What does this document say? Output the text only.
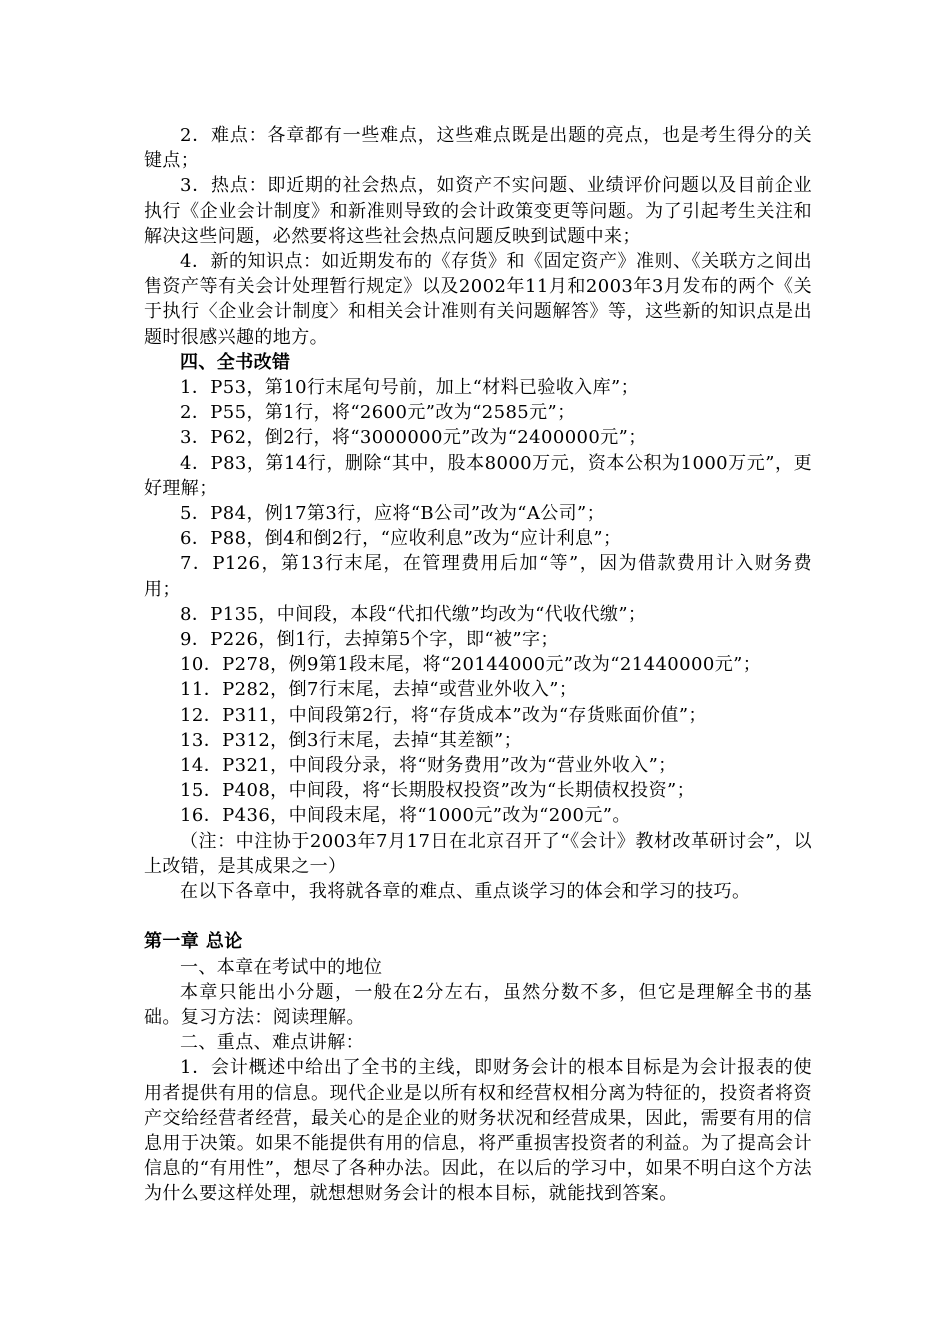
2．难点：各章都有一些难点，这些难点既是出题的亮点，也是考生得分的关键点；

3．热点：即近期的社会热点，如资产不实问题、业绩评价问题以及目前企业执行《企业会计制度》和新准则导致的会计政策变更等问题。为了引起考生关注和解决这些问题，必然要将这些社会热点问题反映到试题中来；

4．新的知识点：如近期发布的《存货》和《固定资产》准则、《关联方之间出售资产等有关会计处理暂行规定》以及2002年11月和2003年3月发布的两个《关于执行〈企业会计制度〉和相关会计准则有关问题解答》等，这些新的知识点是出题时很感兴趣的地方。

四、全书改错

1．P53，第10行末尾句号前，加上“材料已验收入库”；

2．P55，第1行，将“2600元”改为“2585元”；

3．P62，倒2行，将“3000000元”改为“2400000元”；

4．P83，第14行，删除“其中，股本8000万元，资本公积为1000万元”，更好理解；

5．P84，例17第3行，应将“B公司”改为“A公司”；

6．P88，倒4和倒2行，“应收利息”改为“应计利息”；

7．P126，第13行末尾，在管理费用后加“等”，因为借款费用计入财务费用；

8．P135，中间段，本段“代扣代缴”均改为“代收代缴”；

9．P226，倒1行，去掉第5个字，即“被”字；

10．P278，例9第1段末尾，将“20144000元”改为“21440000元”；

11．P282，倒7行末尾，去掉“或营业外收入”；

12．P311，中间段第2行，将“存货成本”改为“存货账面价值”；

13．P312，倒3行末尾，去掉“其差额”；

14．P321，中间段分录，将“财务费用”改为“营业外收入”；

15．P408，中间段，将“长期股权投资”改为“长期债权投资”；

16．P436，中间段末尾，将“1000元”改为“200元”。

（注：中注协于2003年7月17日在北京召开了“《会计》教材改革研讨会”，以上改错，是其成果之一）

在以下各章中，我将就各章的难点、重点谈学习的体会和学习的技巧。

第一章 总论

一、本章在考试中的地位

本章只能出小分题，一般在2分左右，虽然分数不多，但它是理解全书的基础。复习方法：阅读理解。

二、重点、难点讲解：

1．会计概述中给出了全书的主线，即财务会计的根本目标是为会计报表的使用者提供有用的信息。现代企业是以所有权和经营权相分离为特征的，投资者将资产交给经营者经营，最关心的是企业的财务状况和经营成果，因此，需要有用的信息用于决策。如果不能提供有用的信息，将严重损害投资者的利益。为了提高会计信息的“有用性”，想尽了各种办法。因此，在以后的学习中，如果不明白这个方法为什么要这样处理，就想想财务会计的根本目标，就能找到答案。
